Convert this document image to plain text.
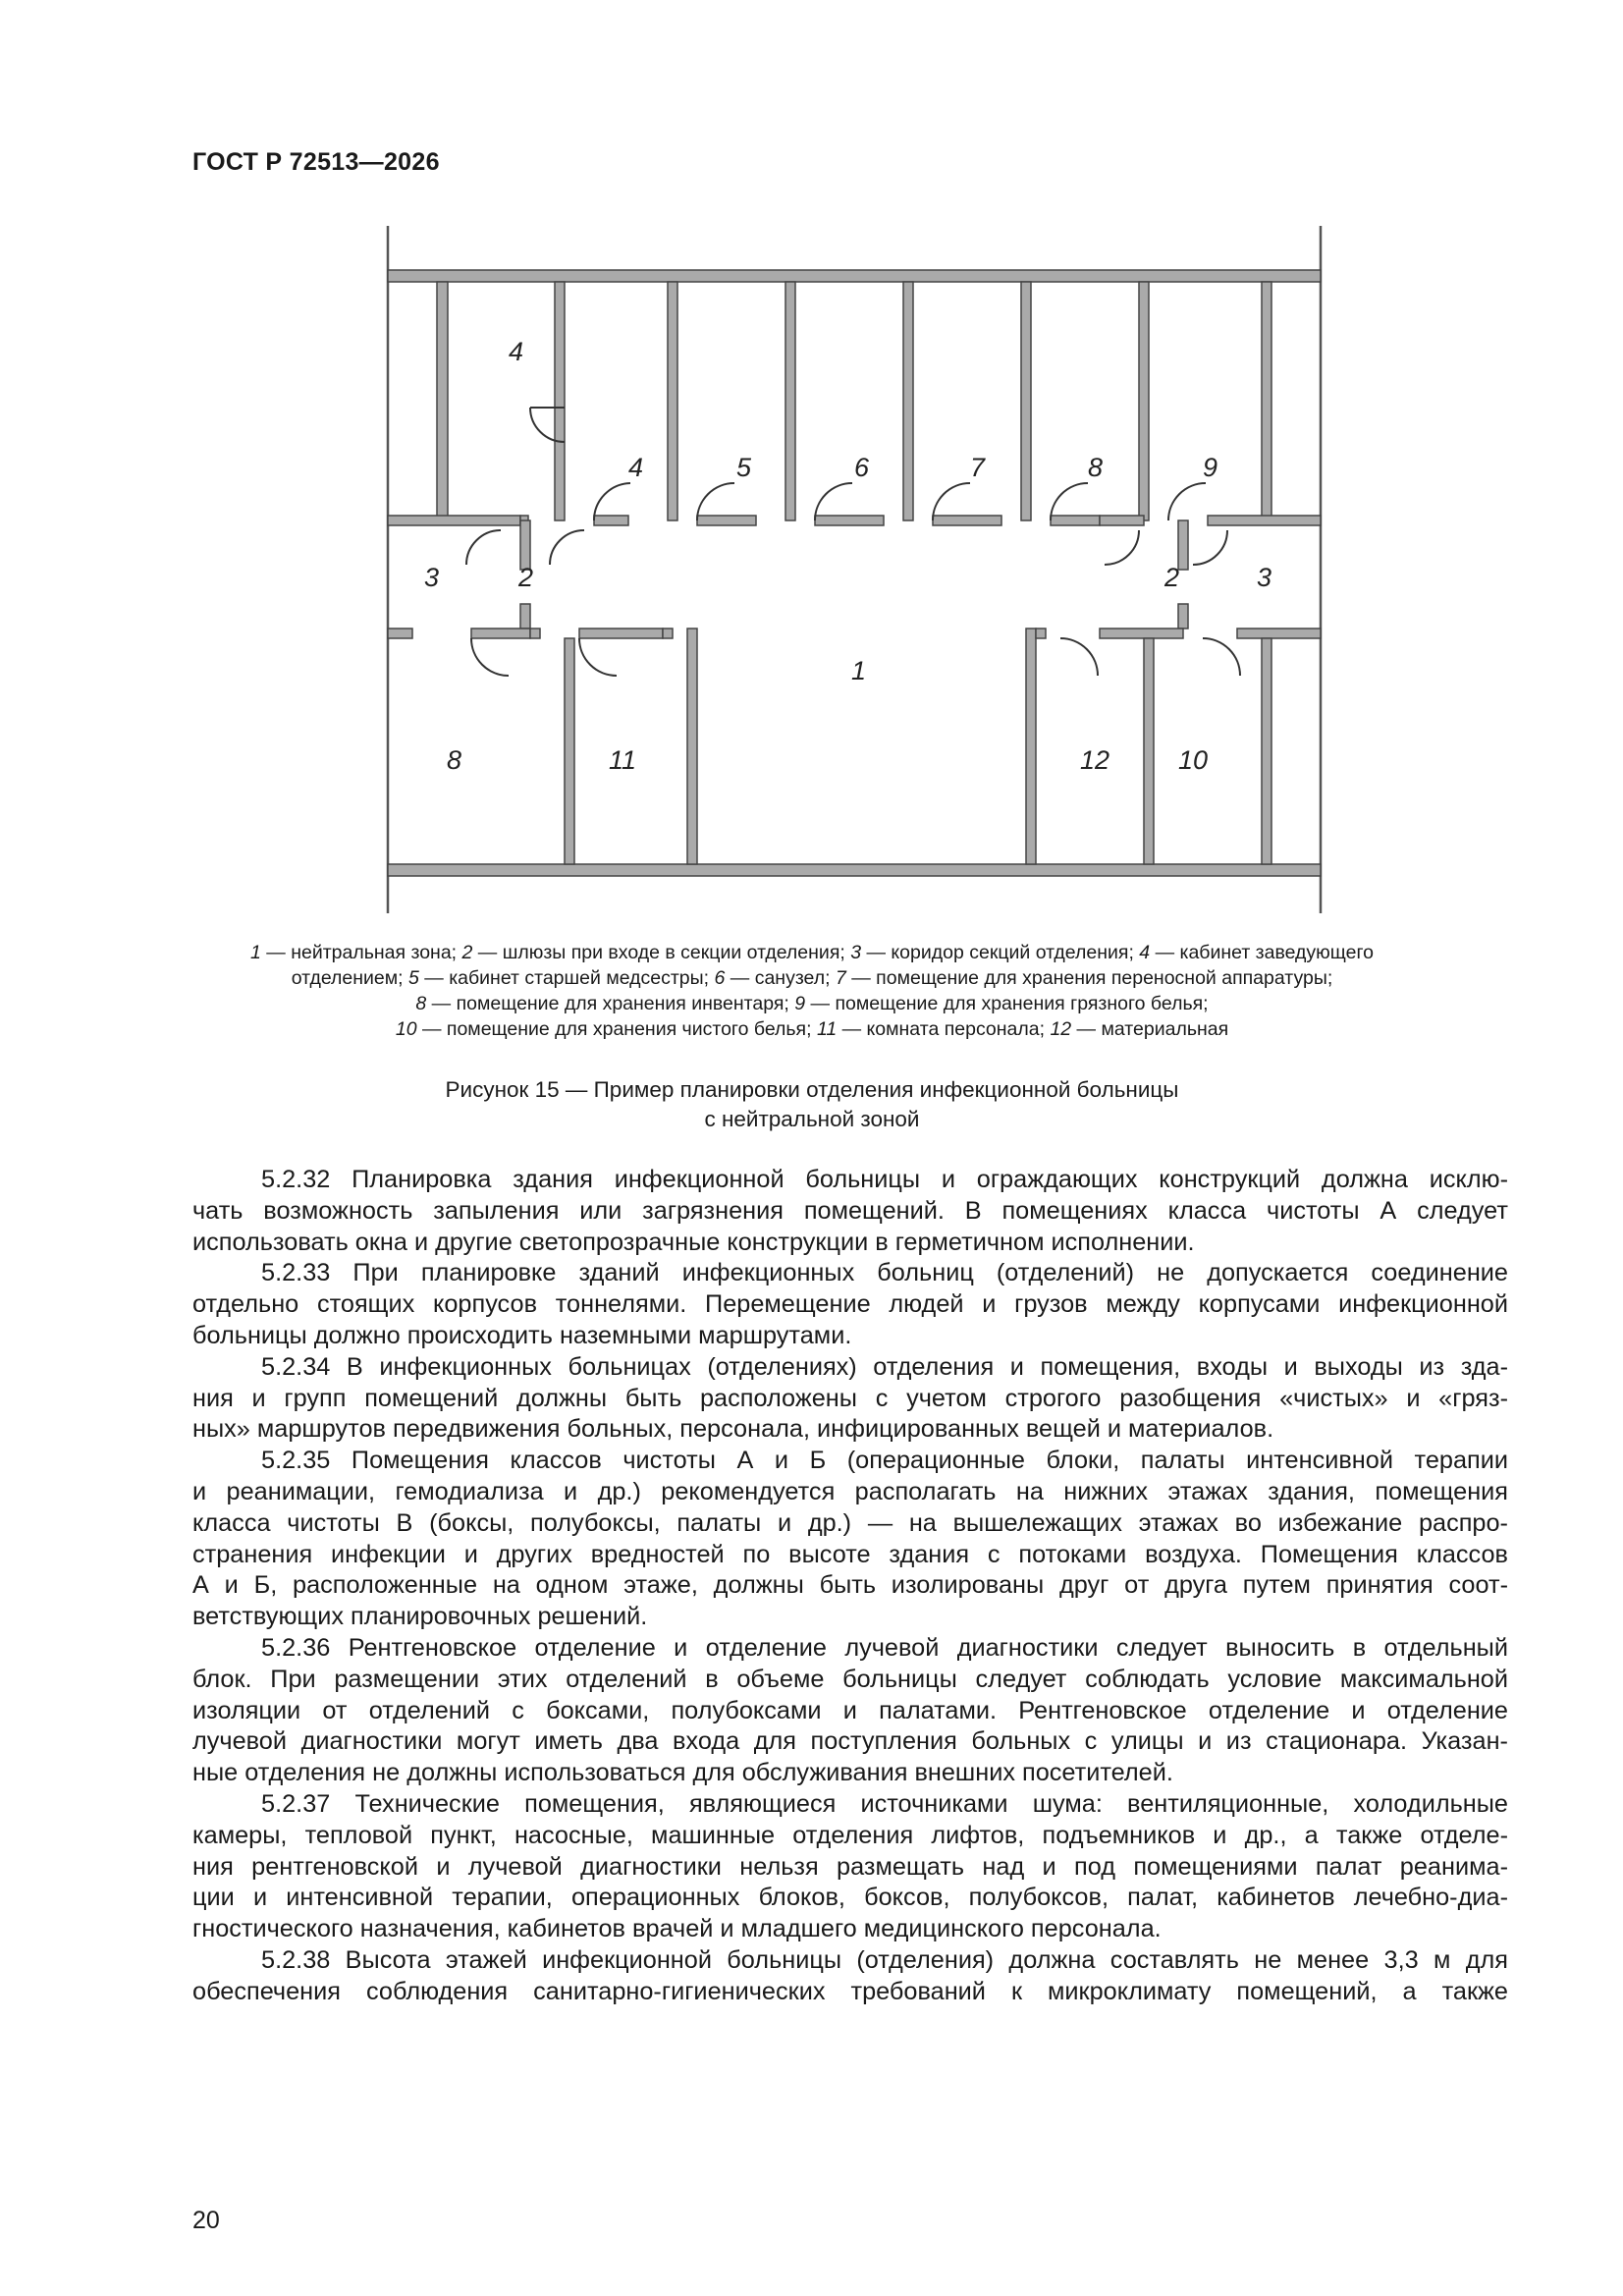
ГОСТ Р 72513—2026
4
4	5	6	7	8	9
3	2	2	3
1
8	11	12	10

1 — нейтральная зона; 2 — шлюзы при входе в секции отделения; 3 — коридор секций отделения; 4 — кабинет заведующего

отделением; 5 — кабинет старшей медсестры; 6 — санузел; 7 — помещение для хранения переносной аппаратуры;

8 — помещение для хранения инвентаря; 9 — помещение для хранения грязного белья;

10 — помещение для хранения чистого белья; 11 — комната персонала; 12 — материальная

Рисунок 15 — Пример планировки отделения инфекционной больницы

с нейтральной зоной

5.2.32 Планировка здания инфекционной больницы и ограждающих конструкций должна исклю-
чать возможность запыления или загрязнения помещений. В помещениях класса чистоты А следует
использовать окна и другие светопрозрачные конструкции в герметичном исполнении.

5.2.33 При планировке зданий инфекционных больниц (отделений) не допускается соединение
отдельно стоящих корпусов тоннелями. Перемещение людей и грузов между корпусами инфекционной
больницы должно происходить наземными маршрутами.

5.2.34 В инфекционных больницах (отделениях) отделения и помещения, входы и выходы из зда-
ния и групп помещений должны быть расположены с учетом строгого разобщения «чистых» и «гряз-
ных» маршрутов передвижения больных, персонала, инфицированных вещей и материалов.

5.2.35 Помещения классов чистоты А и Б (операционные блоки, палаты интенсивной терапии
и реанимации, гемодиализа и др.) рекомендуется располагать на нижних этажах здания, помещения
класса чистоты В (боксы, полубоксы, палаты и др.) — на вышележащих этажах во избежание распро-
странения инфекции и других вредностей по высоте здания с потоками воздуха. Помещения классов
А и Б, расположенные на одном этаже, должны быть изолированы друг от друга путем принятия соот-
ветствующих планировочных решений.

5.2.36 Рентгеновское отделение и отделение лучевой диагностики следует выносить в отдельный
блок. При размещении этих отделений в объеме больницы следует соблюдать условие максимальной
изоляции от отделений с боксами, полубоксами и палатами. Рентгеновское отделение и отделение
лучевой диагностики могут иметь два входа для поступления больных с улицы и из стационара. Указан-
ные отделения не должны использоваться для обслуживания внешних посетителей.

5.2.37 Технические помещения, являющиеся источниками шума: вентиляционные, холодильные
камеры, тепловой пункт, насосные, машинные отделения лифтов, подъемников и др., а также отделе-
ния рентгеновской и лучевой диагностики нельзя размещать над и под помещениями палат реанима-
ции и интенсивной терапии, операционных блоков, боксов, полубоксов, палат, кабинетов лечебно-диа-
гностического назначения, кабинетов врачей и младшего медицинского персонала.

5.2.38 Высота этажей инфекционной больницы (отделения) должна составлять не менее 3,3 м для
обеспечения соблюдения санитарно-гигиенических требований к микроклимату помещений, а также

20
